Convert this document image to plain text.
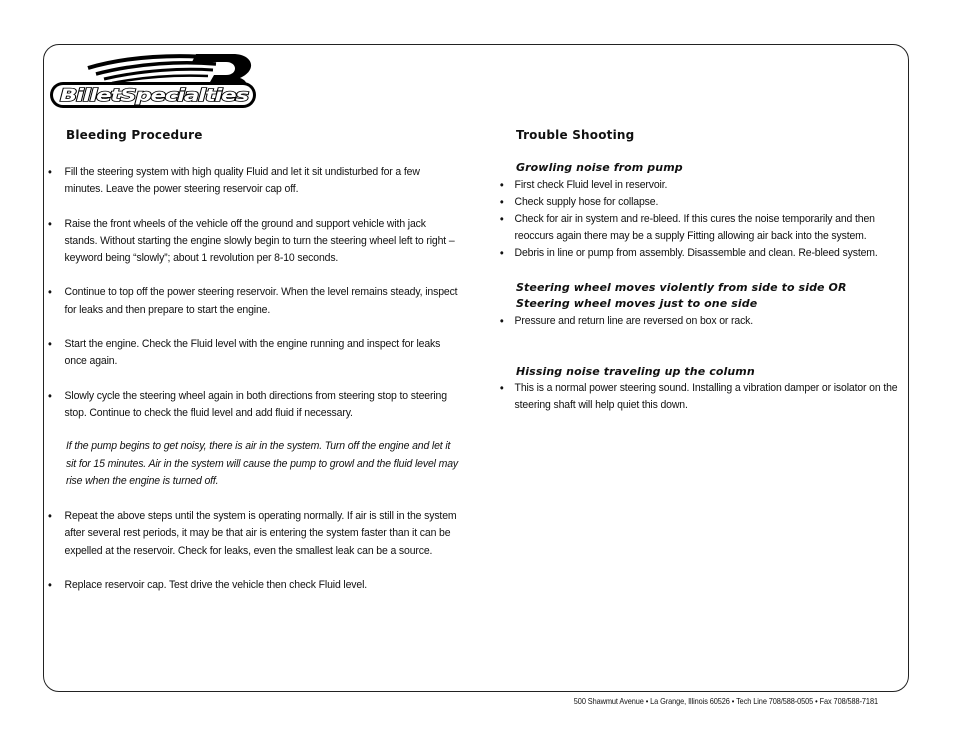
BilletSpecialties
Bleeding Procedure
• Fill the steering system with high quality Fluid and let it sit undisturbed for a few minutes. Leave the power steering reservoir cap off.
• Raise the front wheels of the vehicle off the ground and support vehicle with jack stands. Without starting the engine slowly begin to turn the steering wheel left to right – keyword being “slowly”; about 1 revolution per 8-10 seconds.
• Continue to top off the power steering reservoir. When the level remains steady, inspect for leaks and then prepare to start the engine.
• Start the engine. Check the Fluid level with the engine running and inspect for leaks once again.
• Slowly cycle the steering wheel again in both directions from steering stop to steering stop. Continue to check the fluid level and add fluid if necessary.
If the pump begins to get noisy, there is air in the system. Turn off the engine and let it sit for 15 minutes. Air in the system will cause the pump to growl and the fluid level may rise when the engine is turned off.
• Repeat the above steps until the system is operating normally. If air is still in the system after several rest periods, it may be that air is entering the system faster than it can be expelled at the reservoir. Check for leaks, even the smallest leak can be a source.
• Replace reservoir cap. Test drive the vehicle then check Fluid level.
Trouble Shooting
Growling noise from pump
• First check Fluid level in reservoir.
• Check supply hose for collapse.
• Check for air in system and re-bleed. If this cures the noise temporarily and then reoccurs again there may be a supply Fitting allowing air back into the system.
• Debris in line or pump from assembly. Disassemble and clean. Re-bleed system.
Steering wheel moves violently from side to side OR
Steering wheel moves just to one side
• Pressure and return line are reversed on box or rack.
Hissing noise traveling up the column
• This is a normal power steering sound. Installing a vibration damper or isolator on the steering shaft will help quiet this down.
500 Shawmut Avenue • La Grange, Illinois 60526 • Tech Line 708/588-0505 • Fax 708/588-7181
